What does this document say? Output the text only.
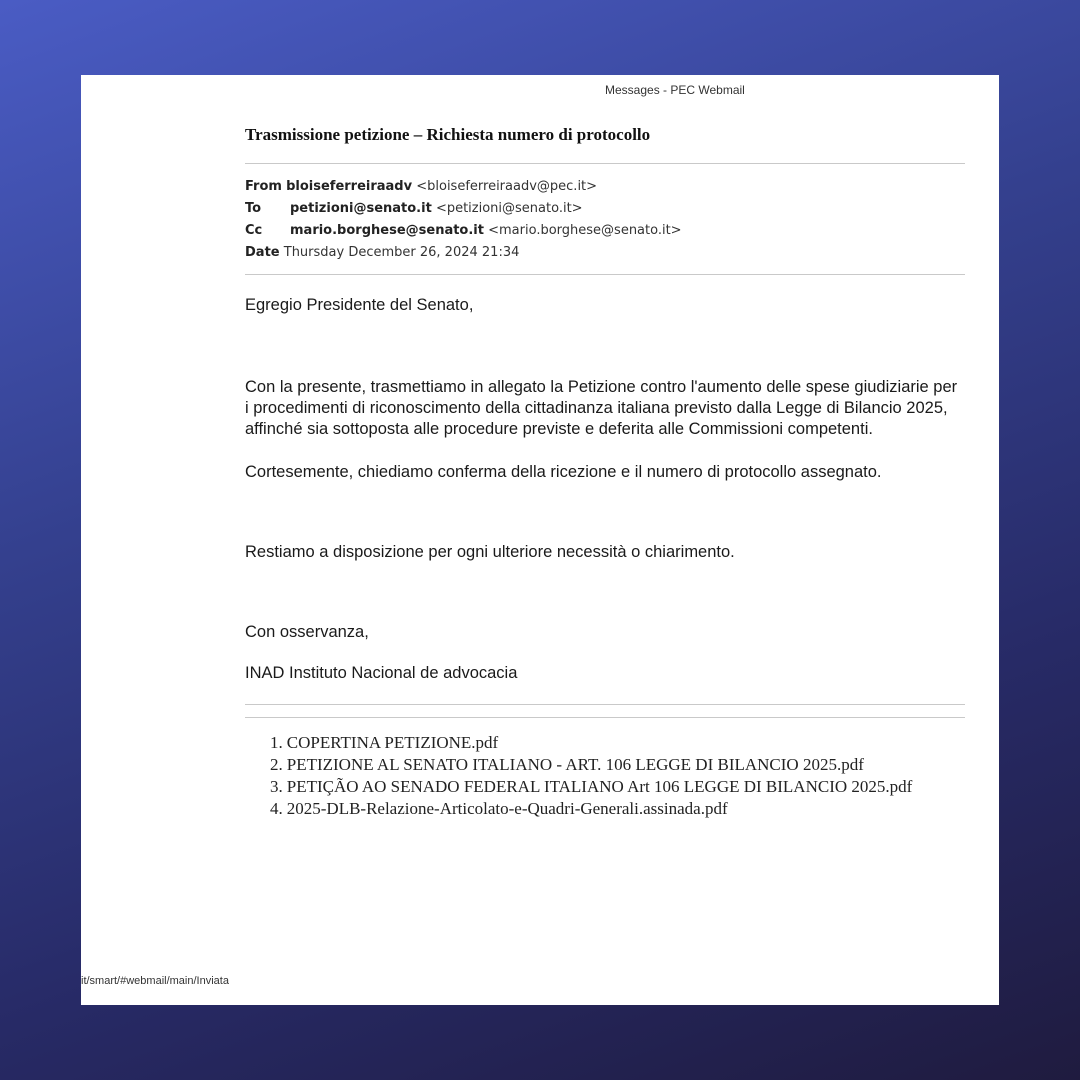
Messages - PEC Webmail
Trasmissione petizione – Richiesta numero di protocollo
From bloiseferreiraadv <bloiseferreiraadv@pec.it>
To petizioni@senato.it <petizioni@senato.it>
Cc mario.borghese@senato.it <mario.borghese@senato.it>
Date Thursday December 26, 2024 21:34

Egregio Presidente del Senato,

Con la presente, trasmettiamo in allegato la Petizione contro l'aumento delle spese giudiziarie per i procedimenti di riconoscimento della cittadinanza italiana previsto dalla Legge di Bilancio 2025, affinché sia sottoposta alle procedure previste e deferita alle Commissioni competenti.

Cortesemente, chiediamo conferma della ricezione e il numero di protocollo assegnato.

Restiamo a disposizione per ogni ulteriore necessità o chiarimento.

Con osservanza,

INAD Instituto Nacional de advocacia

1. COPERTINA PETIZIONE.pdf
2. PETIZIONE AL SENATO ITALIANO - ART. 106 LEGGE DI BILANCIO 2025.pdf
3. PETIÇÃO AO SENADO FEDERAL ITALIANO Art 106 LEGGE DI BILANCIO 2025.pdf
4. 2025-DLB-Relazione-Articolato-e-Quadri-Generali.assinada.pdf
it/smart/#webmail/main/Inviata
